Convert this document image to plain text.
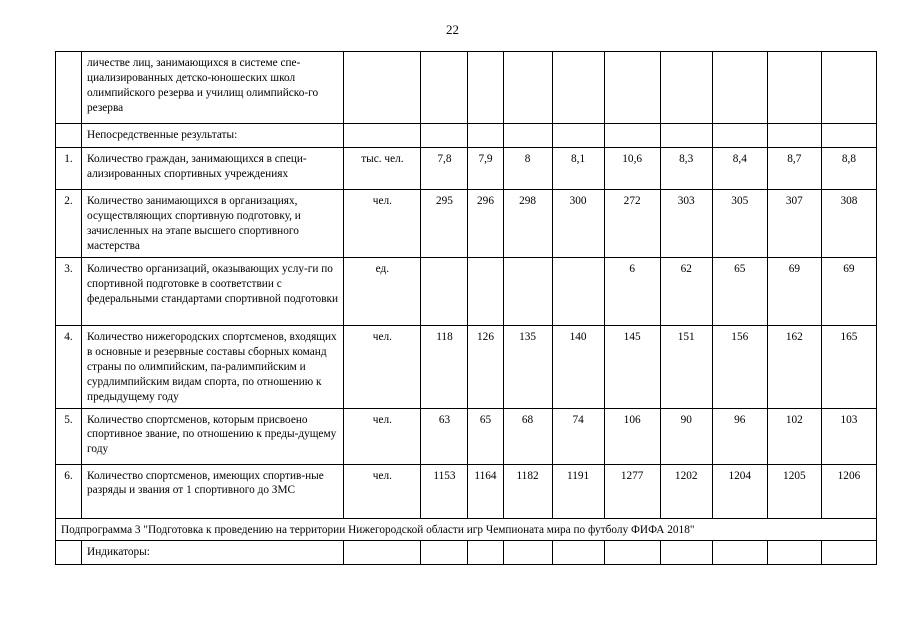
22
	личестве лиц, занимающихся в системе спе-циализированных детско-юношеских школ олимпийского резерва и училищ олимпийско-го резерва										
	Непосредственные результаты:										
1.	Количество граждан, занимающихся в специ-ализированных спортивных учреждениях	тыс. чел.	7,8	7,9	8	8,1	10,6	8,3	8,4	8,7	8,8
2.	Количество занимающихся в организациях, осуществляющих спортивную подготовку, и зачисленных на этапе высшего спортивного мастерства	чел.	295	296	298	300	272	303	305	307	308
3.	Количество организаций, оказывающих услу-ги по спортивной подготовке в соответствии с федеральными стандартами спортивной подготовки	ед.					6	62	65	69	69
4.	Количество нижегородских спортсменов, входящих в основные и резервные составы сборных команд страны по олимпийским, па-ралимпийским и сурдлимпийским видам спорта, по отношению к предыдущему году	чел.	118	126	135	140	145	151	156	162	165
5.	Количество спортсменов, которым присвоено спортивное звание, по отношению к преды-дущему году	чел.	63	65	68	74	106	90	96	102	103
6.	Количество спортсменов, имеющих спортив-ные разряды и звания от 1 спортивного до ЗМС	чел.	1153	1164	1182	1191	1277	1202	1204	1205	1206
Подпрограмма 3 "Подготовка к проведению на территории Нижегородской области игр Чемпионата мира по футболу ФИФА 2018"											
	Индикаторы:										
